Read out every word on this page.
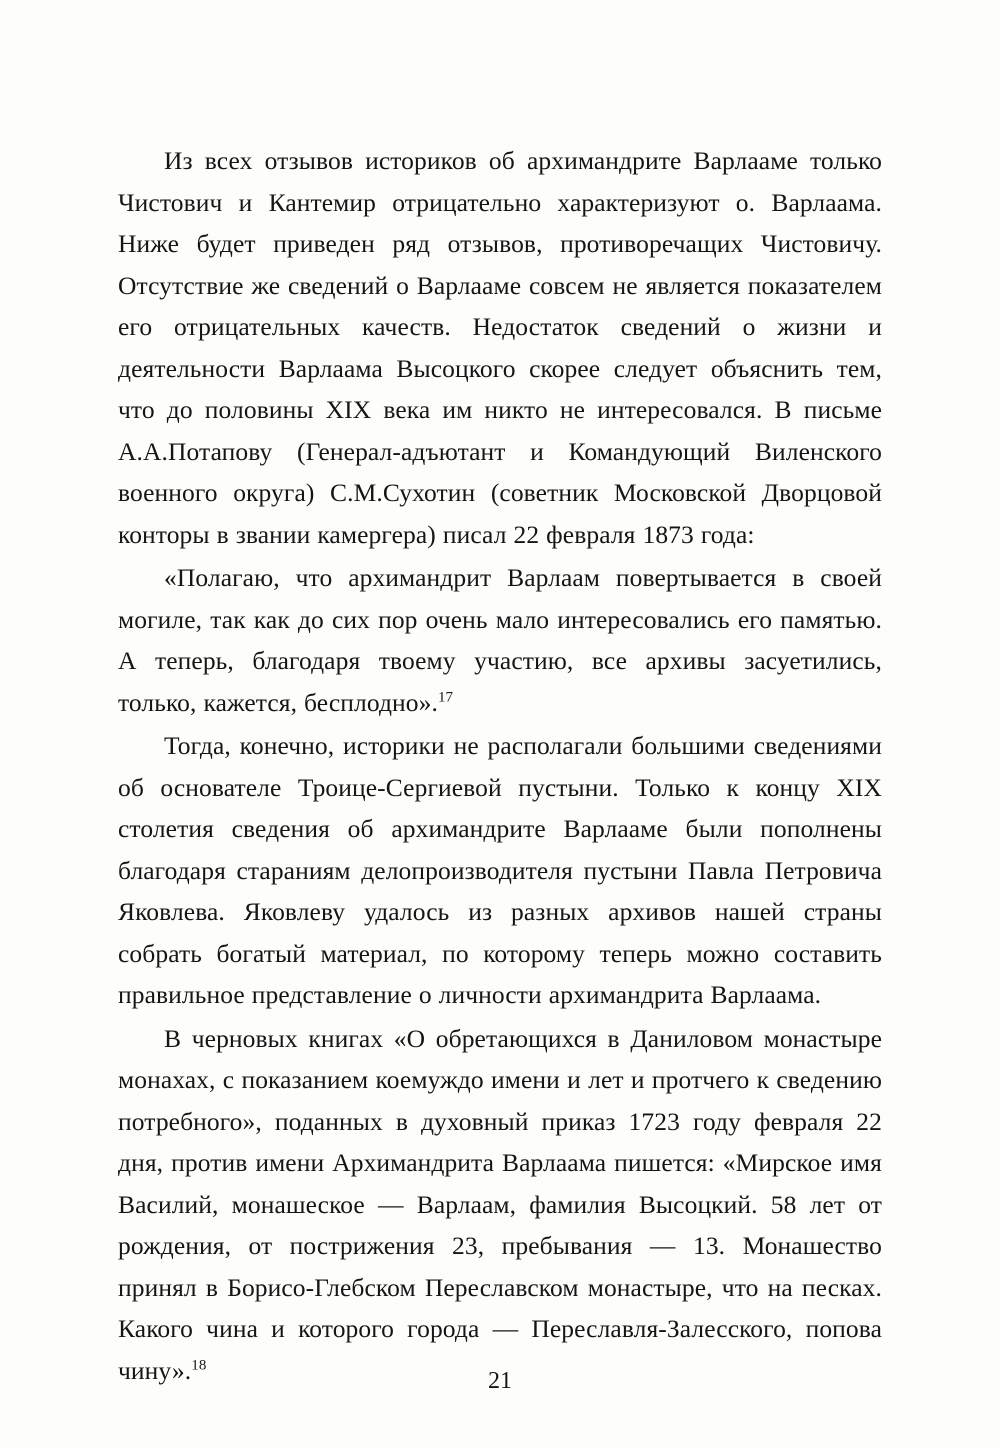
Из всех отзывов историков об архимандрите Варлааме только Чистович и Кантемир отрицательно характеризуют о. Варлаама. Ниже будет приведен ряд отзывов, противоречащих Чистовичу. Отсутствие же сведений о Варлааме совсем не является показателем его отрицательных качеств. Недостаток сведений о жизни и деятельности Варлаама Высоцкого скорее следует объяснить тем, что до половины XIX века им никто не интересовался. В письме А.А.Потапову (Генерал-адъютант и Командующий Виленского военного округа) С.М.Сухотин (советник Московской Дворцовой конторы в звании камергера) писал 22 февраля 1873 года:

«Полагаю, что архимандрит Варлаам повертывается в своей могиле, так как до сих пор очень мало интересовались его памятью. А теперь, благодаря твоему участию, все архивы засуетились, только, кажется, бесплодно».$^{17}$

Тогда, конечно, историки не располагали большими сведениями об основателе Троице-Сергиевой пустыни. Только к концу XIX столетия сведения об архимандрите Варлааме были пополнены благодаря стараниям делопроизводителя пустыни Павла Петровича Яковлева. Яковлеву удалось из разных архивов нашей страны собрать богатый материал, по которому теперь можно составить правильное представление о личности архимандрита Варлаама.

В черновых книгах «О обретающихся в Даниловом монастыре монахах, с показанием коемуждо имени и лет и протчего к сведению потребного», поданных в духовный приказ 1723 году февраля 22 дня, против имени Архимандрита Варлаама пишется: «Мирское имя Василий, монашеское — Варлаам, фамилия Высоцкий. 58 лет от рождения, от пострижения 23, пребывания — 13. Монашество принял в Борисо-Глебском Переславском монастыре, что на песках. Какого чина и которого города — Переславля-Залесского, попова чину».$^{18}$

21
